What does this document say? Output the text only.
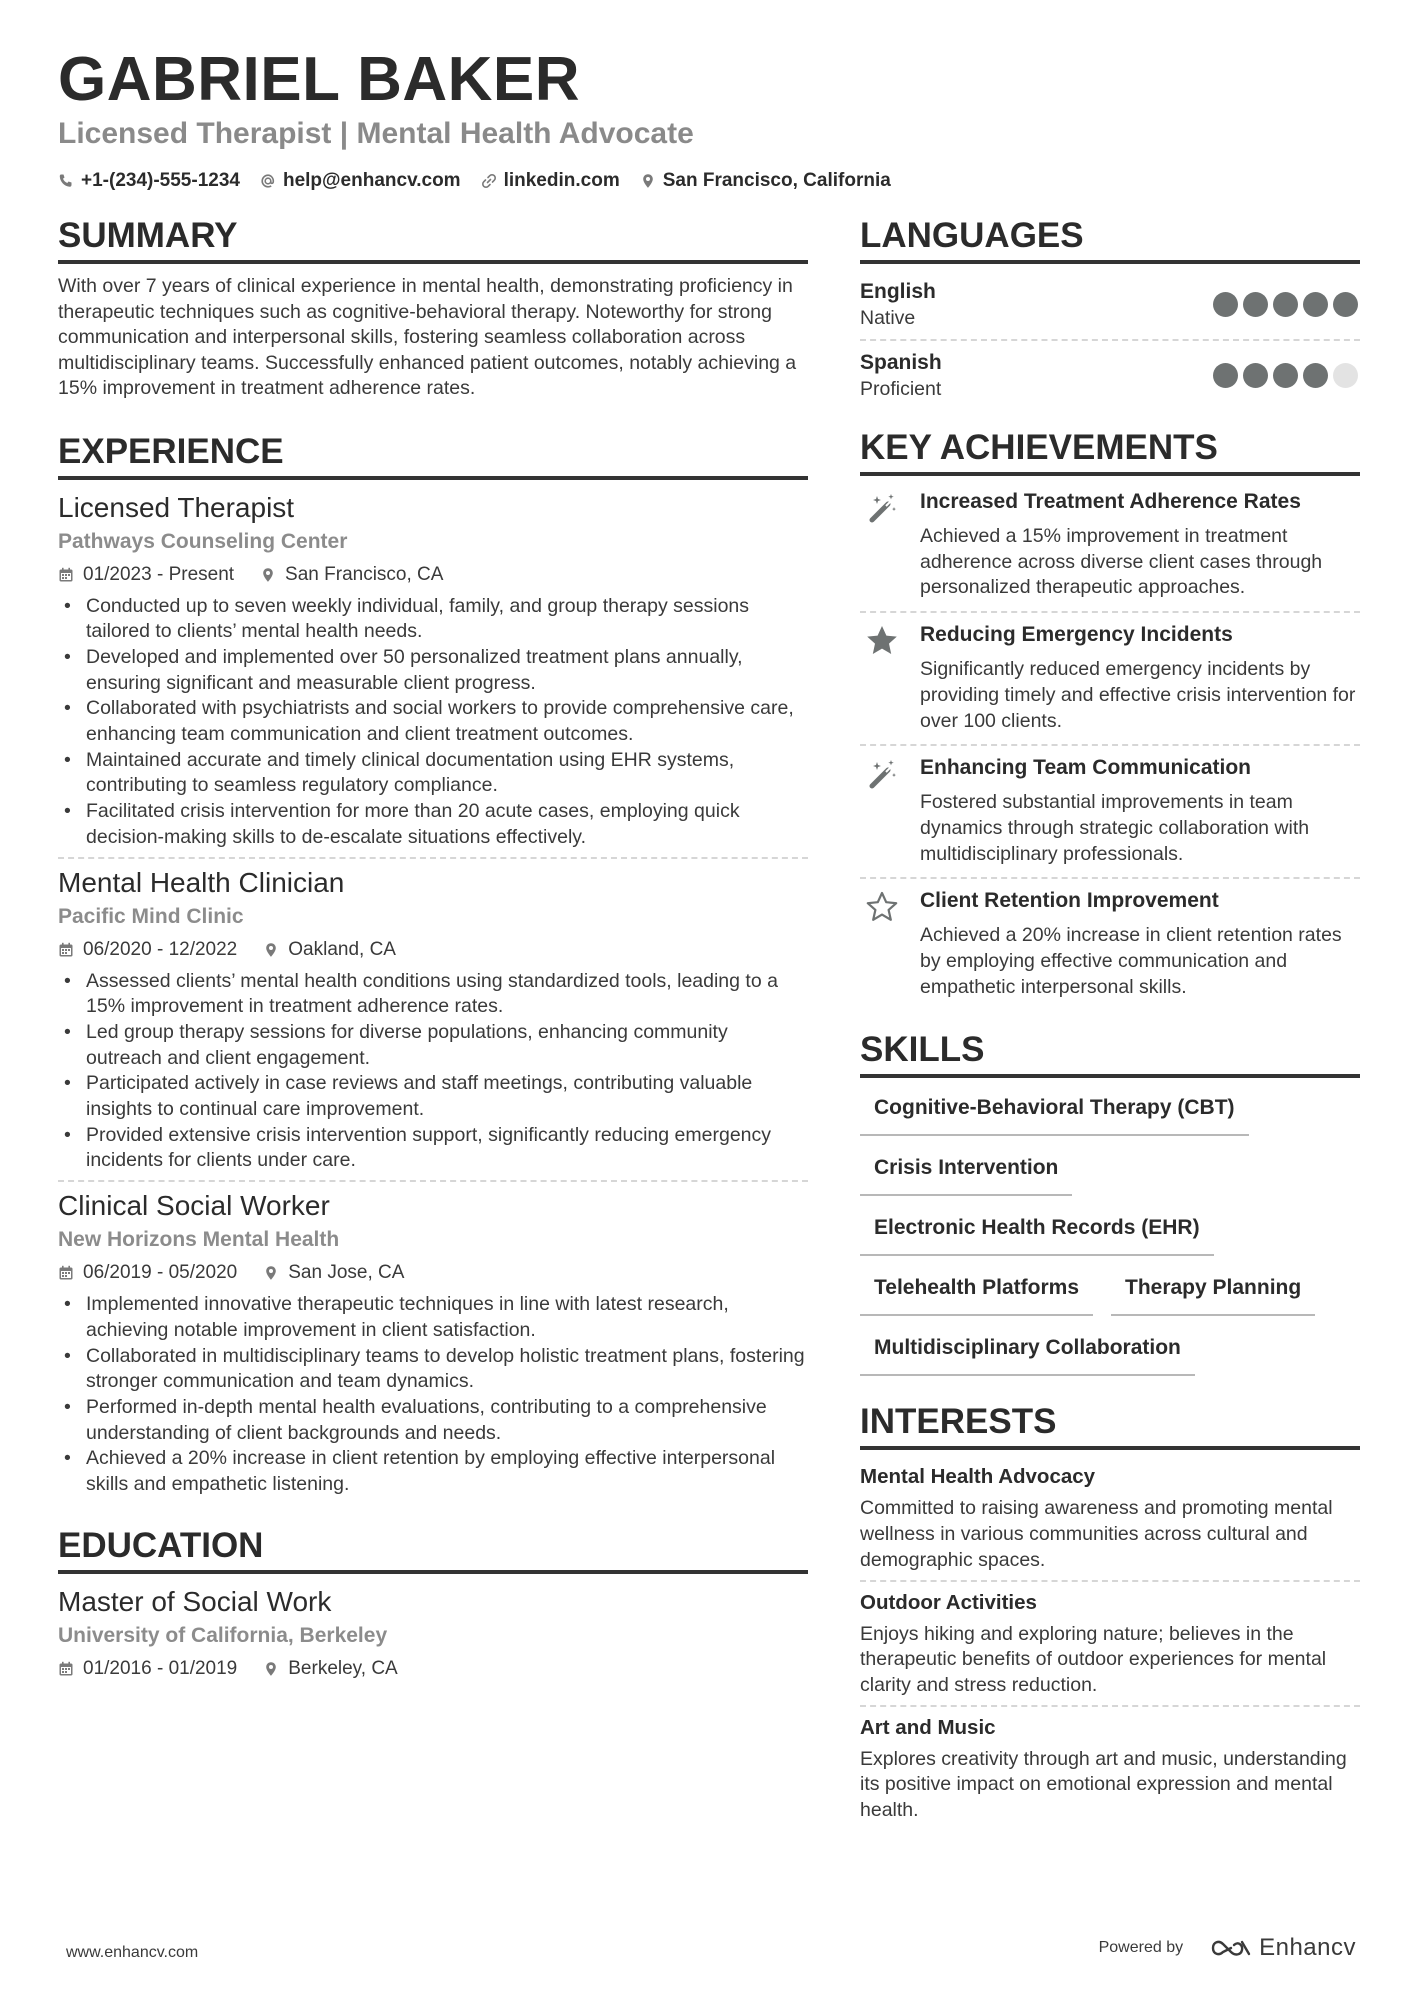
GABRIEL BAKER
Licensed Therapist | Mental Health Advocate
+1-(234)-555-1234 help@enhancv.com linkedin.com San Francisco, California
SUMMARY

With over 7 years of clinical experience in mental health, demonstrating proficiency in therapeutic techniques such as cognitive-behavioral therapy. Noteworthy for strong communication and interpersonal skills, fostering seamless collaboration across multidisciplinary teams. Successfully enhanced patient outcomes, notably achieving a 15% improvement in treatment adherence rates.

EXPERIENCE
Licensed Therapist
Pathways Counseling Center
01/2023 - Present	San Francisco, CA
• Conducted up to seven weekly individual, family, and group therapy sessions tailored to clients’ mental health needs.
• Developed and implemented over 50 personalized treatment plans annually, ensuring significant and measurable client progress.
• Collaborated with psychiatrists and social workers to provide comprehensive care, enhancing team communication and client treatment outcomes.
• Maintained accurate and timely clinical documentation using EHR systems, contributing to seamless regulatory compliance.
• Facilitated crisis intervention for more than 20 acute cases, employing quick decision-making skills to de-escalate situations effectively.
Mental Health Clinician
Pacific Mind Clinic
06/2020 - 12/2022	Oakland, CA
• Assessed clients’ mental health conditions using standardized tools, leading to a 15% improvement in treatment adherence rates.
• Led group therapy sessions for diverse populations, enhancing community outreach and client engagement.
• Participated actively in case reviews and staff meetings, contributing valuable insights to continual care improvement.
• Provided extensive crisis intervention support, significantly reducing emergency incidents for clients under care.
Clinical Social Worker
New Horizons Mental Health
06/2019 - 05/2020	San Jose, CA
• Implemented innovative therapeutic techniques in line with latest research, achieving notable improvement in client satisfaction.
• Collaborated in multidisciplinary teams to develop holistic treatment plans, fostering stronger communication and team dynamics.
• Performed in-depth mental health evaluations, contributing to a comprehensive understanding of client backgrounds and needs.
• Achieved a 20% increase in client retention by employing effective interpersonal skills and empathetic listening.
EDUCATION
Master of Social Work
University of California, Berkeley
01/2016 - 01/2019	Berkeley, CA
LANGUAGES
English
Native
Spanish
Proficient
KEY ACHIEVEMENTS
Increased Treatment Adherence Rates
Achieved a 15% improvement in treatment adherence across diverse client cases through personalized therapeutic approaches.
Reducing Emergency Incidents
Significantly reduced emergency incidents by providing timely and effective crisis intervention for over 100 clients.
Enhancing Team Communication
Fostered substantial improvements in team dynamics through strategic collaboration with multidisciplinary professionals.
Client Retention Improvement
Achieved a 20% increase in client retention rates by employing effective communication and empathetic interpersonal skills.
SKILLS
Cognitive-Behavioral Therapy (CBT)
Crisis Intervention
Electronic Health Records (EHR)
Telehealth Platforms	Therapy Planning
Multidisciplinary Collaboration
INTERESTS
Mental Health Advocacy
Committed to raising awareness and promoting mental wellness in various communities across cultural and demographic spaces.
Outdoor Activities
Enjoys hiking and exploring nature; believes in the therapeutic benefits of outdoor experiences for mental clarity and stress reduction.
Art and Music
Explores creativity through art and music, understanding its positive impact on emotional expression and mental health.
www.enhancv.com	Powered by	Enhancv
